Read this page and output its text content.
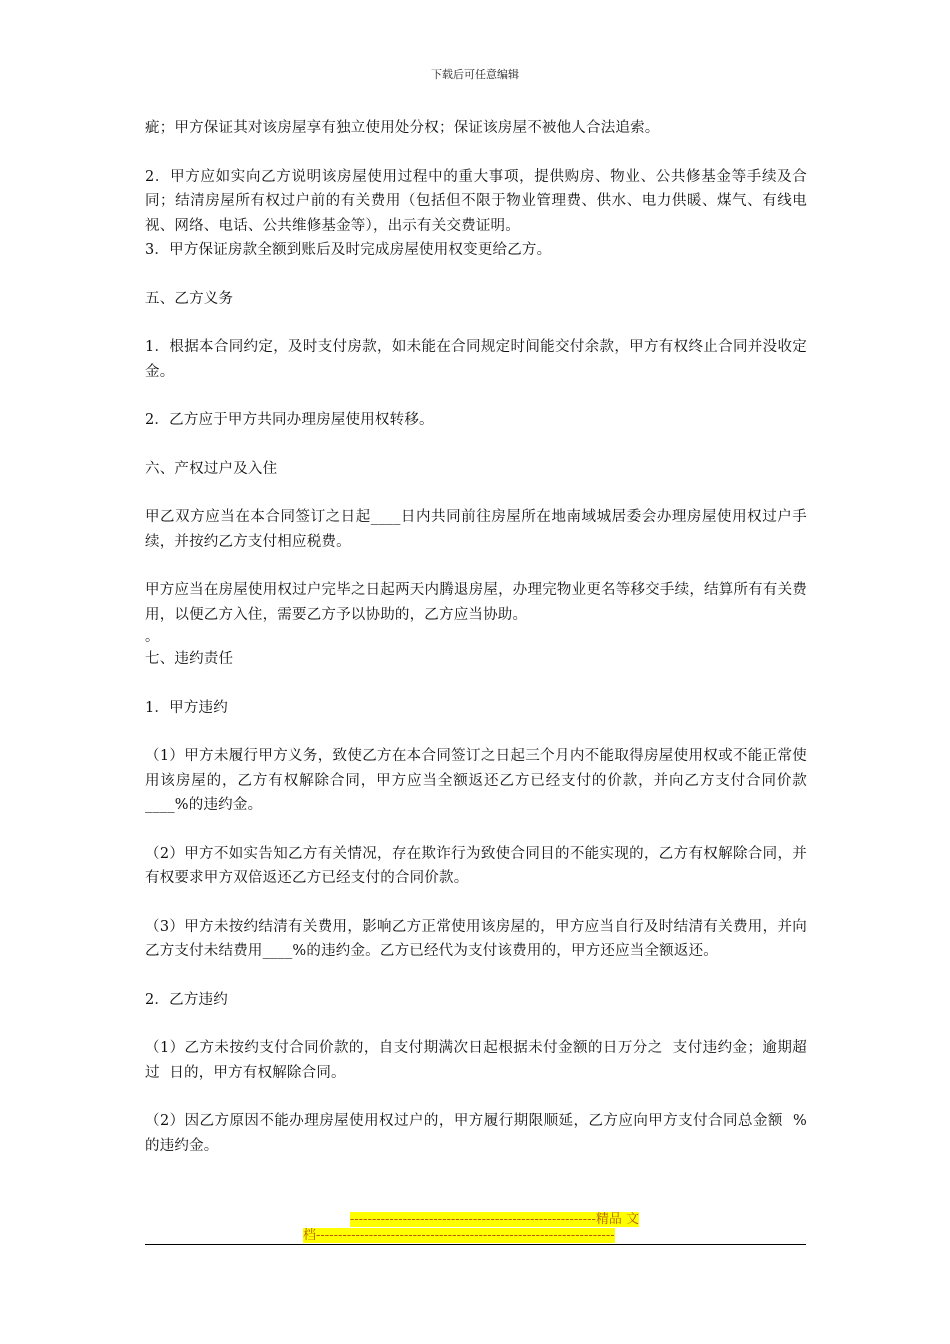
下载后可任意编辑

疵；甲方保证其对该房屋享有独立使用处分权；保证该房屋不被他人合法追索。

2．甲方应如实向乙方说明该房屋使用过程中的重大事项，提供购房、物业、公共修基金等手续及合同；结清房屋所有权过户前的有关费用（包括但不限于物业管理费、供水、电力供暖、煤气、有线电视、网络、电话、公共维修基金等），出示有关交费证明。

3．甲方保证房款全额到账后及时完成房屋使用权变更给乙方。

五、乙方义务

1．根据本合同约定，及时支付房款，如未能在合同规定时间能交付余款，甲方有权终止合同并没收定金。

2．乙方应于甲方共同办理房屋使用权转移。

六、产权过户及入住

甲乙双方应当在本合同签订之日起____日内共同前往房屋所在地南域城居委会办理房屋使用权过户手续，并按约乙方支付相应税费。

甲方应当在房屋使用权过户完毕之日起两天内腾退房屋，办理完物业更名等移交手续，结算所有有关费用，以便乙方入住，需要乙方予以协助的，乙方应当协助。

。

七、违约责任

1．甲方违约

（1）甲方未履行甲方义务，致使乙方在本合同签订之日起三个月内不能取得房屋使用权或不能正常使用该房屋的，乙方有权解除合同，甲方应当全额返还乙方已经支付的价款，并向乙方支付合同价款____%的违约金。

（2）甲方不如实告知乙方有关情况，存在欺诈行为致使合同目的不能实现的，乙方有权解除合同，并有权要求甲方双倍返还乙方已经支付的合同价款。

（3）甲方未按约结清有关费用，影响乙方正常使用该房屋的，甲方应当自行及时结清有关费用，并向乙方支付未结费用____%的违约金。乙方已经代为支付该费用的，甲方还应当全额返还。

2．乙方违约

（1）乙方未按约支付合同价款的，自支付期满次日起根据未付金额的日万分之  支付违约金；逾期超过  日的，甲方有权解除合同。

（2）因乙方原因不能办理房屋使用权过户的，甲方履行期限顺延，乙方应向甲方支付合同总金额  %的违约金。

--------------------------------------------------------精品 文
档--------------------------------------------------------------------
